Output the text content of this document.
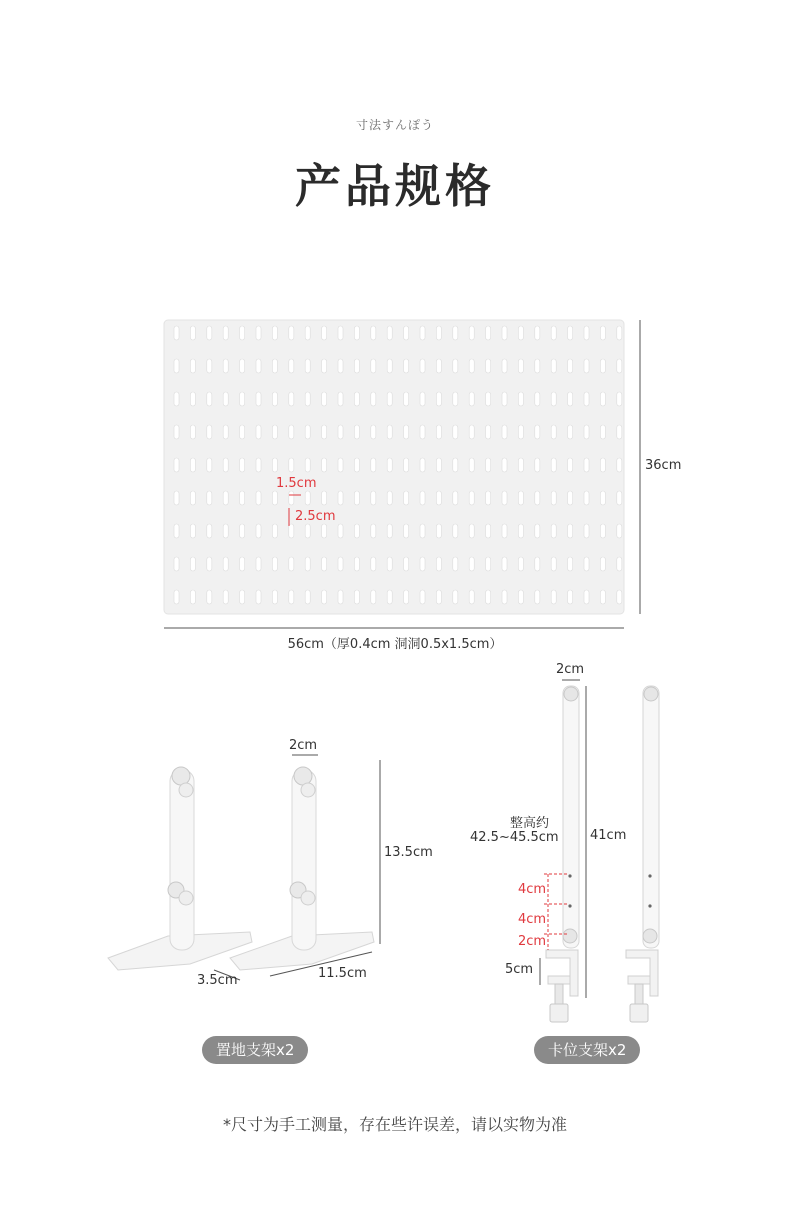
寸法すんぽう
产品规格
36cm
56cm（厚0.4cm 洞洞0.5x1.5cm）
1.5cm
2.5cm
2cm
13.5cm
3.5cm	11.5cm
置地支架x2
2cm
整高约
42.5~45.5cm 41cm
4cm
4cm
2cm
5cm
卡位支架x2
*尺寸为手工测量，存在些许误差，请以实物为准
